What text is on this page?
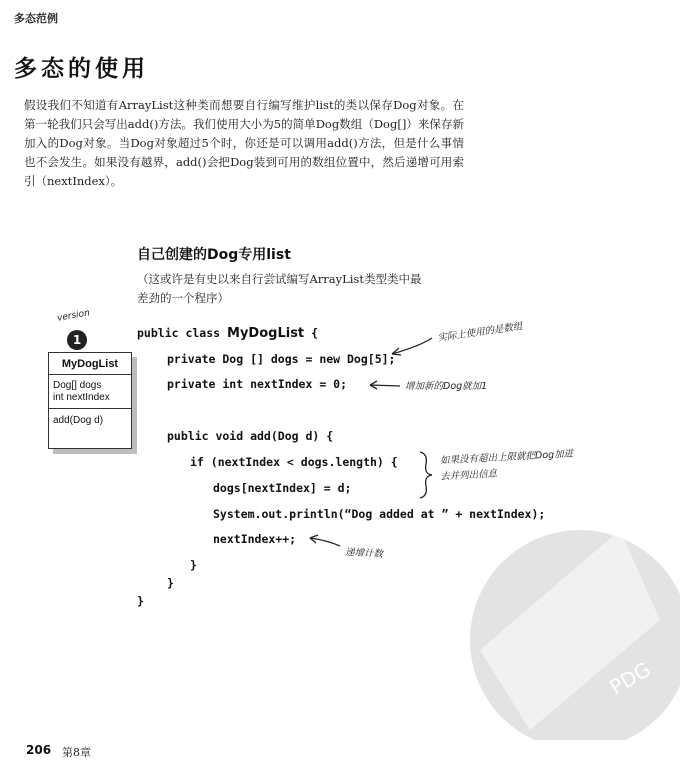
多态范例
多态的使用
假设我们不知道有ArrayList这种类而想要自行编写维护list的类以保存Dog对象。在第一轮我们只会写出add()方法。我们使用大小为5的简单Dog数组（Dog[]）来保存新加入的Dog对象。当Dog对象超过5个时，你还是可以调用add()方法，但是什么事情也不会发生。如果没有越界，add()会把Dog装到可用的数组位置中，然后递增可用索引（nextIndex）。
自己创建的Dog专用list
（这或许是有史以来自行尝试编写ArrayList类型类中最差劲的一个程序）
version
1
MyDogList
Dog[] dogs
int nextIndex
add(Dog d)
public class MyDogList {
private Dog [] dogs = new Dog[5];
private int nextIndex = 0;
public void add(Dog d) {
if (nextIndex < dogs.length) {
dogs[nextIndex] = d;
System.out.println(“Dog added at ” + nextIndex);
nextIndex++;
}
}
}
实际上使用的是数组
增加新的Dog就加1
如果没有超出上限就把Dog加进
去并列出信息
递增计数
PDG
206 第8章
